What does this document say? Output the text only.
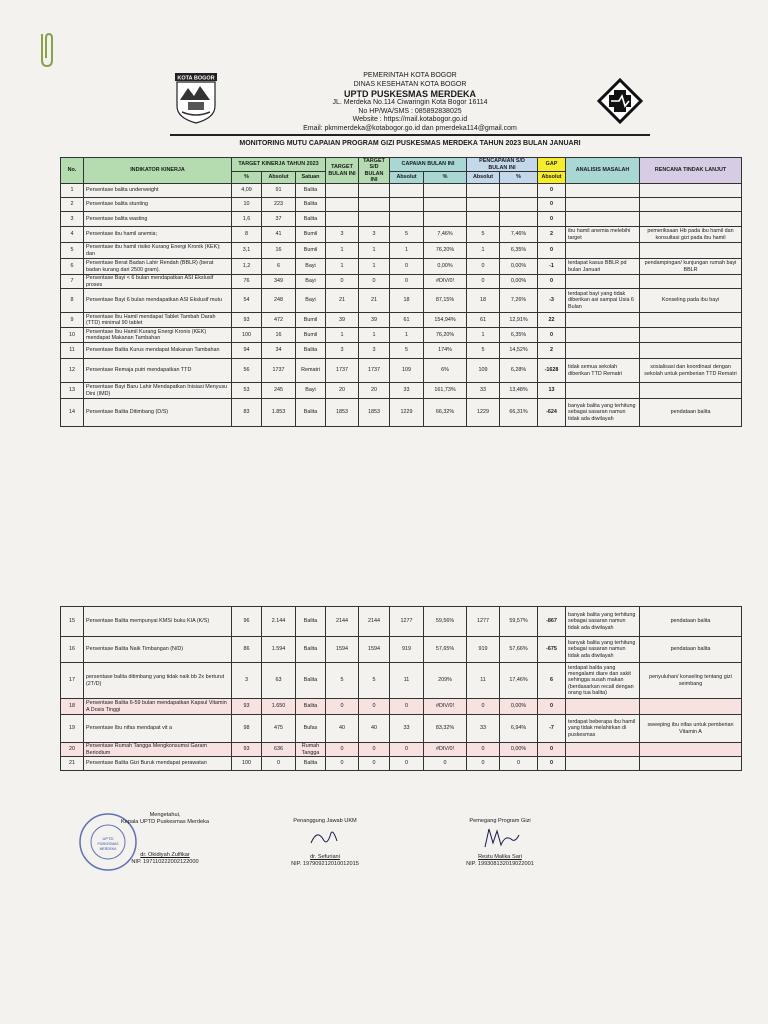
KOTA BOGOR	PEMERINTAH KOTA BOGOR
DINAS KESEHATAN KOTA BOGOR
UPTD PUSKESMAS MERDEKA
JL. Merdeka No.114 Ciwaringin Kota Bogor 16114
No HP/WA/SMS : 085892838025
Website : https://mail.kotabogor.go.id
Email: pkmmerdeka@kotabogor.go.id dan pmerdeka114@gmail.com
MONITORING MUTU CAPAIAN PROGRAM GIZI PUSKESMAS MERDEKA TAHUN 2023 BULAN JANUARI
No.	INDIKATOR KINERJA	TARGET KINERJA TAHUN 2023			TARGET BULAN INI	TARGET S/D BULAN INI	CAPAIAN BULAN INI		PENCAPAIAN S/D BULAN INI		GAP	ANALISIS MASALAH	RENCANA TINDAK LANJUT
		%	Absolut	Satuan			Absolut	%	Absolut	%	Absolut		
1	Persentase balita underweight	4,09	91	Balita							0		
2	Persentase balita stunting	10	223	Balita							0		
3	Persentase balita wasting	1,6	37	Balita							0		
4	Persentase ibu hamil anemia;	8	41	Bumil	3	3	5	7,46%	5	7,46%	2	ibu hamil anemia melebihi target	pemeriksaan Hb pada ibu hamil dan konsultasi gizi pada ibu hamil
5	Persentase ibu hamil risiko Kurang Energi Kronik (KEK); dan	3,1	16	Bumil	1	1	1	76,20%	1	6,35%	0		
6	Persentase Berat Badan Lahir Rendah (BBLR) (berat badan kurang dari 2500 gram).	1,2	6	Bayi	1	1	0	0,00%	0	0,00%	-1	terdapat kasus BBLR pd bulan Januari	pendampingan/ kunjungan rumah bayi BBLR
7	Persentase Bayi < 6 bulan mendapatkan ASI Ekslusif proses	76	349	Bayi	0	0	0	#DIV/0!	0	0,00%	0		
8	Persentase Bayi 6 bulan mendapatkan ASI Ekslusif mutu	54	248	Bayi	21	21	18	87,15%	18	7,26%	-3	terdapat bayi yang tidak diberikan asi sampai Usia 6 Bulan	Konseling pada ibu bayi
9	Persentase Ibu Hamil mendapat Tablet Tambah Darah (TTD) minimal 90 tablet	93	472	Bumil	39	39	61	154,94%	61	12,91%	22		
10	Persentase Ibu Hamil Kurang Energi Kronis (KEK) mendapat Makanan Tambahan	100	16	Bumil	1	1	1	76,20%	1	6,35%	0		
11	Persentase Balita Kurus mendapat Makanan Tambahan	94	34	Balita	3	3	5	174%	5	14,52%	2		
12	Persentase Remaja putri mendapatkan TTD	56	1737	Rematri	1737	1737	109	6%	109	6,28%	-1628	tidak semua sekolah diberikan TTD Rematri	sosialisasi dan koordinasi dengan sekolah untuk pemberian TTD Rematri
13	Persentase Bayi Baru Lahir Mendapatkan Inisiasi Menyusu Dini (IMD)	53	245	Bayi	20	20	33	161,73%	33	13,48%	13		
14	Persentase Balita Ditimbang (D/S)	83	1.853	Balita	1853	1853	1229	66,32%	1229	66,31%	-624	banyak balita yang terhitung sebagai sasaran namun tidak ada diwilayah	pendataan balita
15	Persentase Balita mempunyai KMS/ buku KIA (K/S)	96	2.144	Balita	2144	2144	1277	59,56%	1277	59,57%	-867	banyak balita yang terhitung sebagai sasaran namun tidak ada diwilayah	pendataan balita
16	Persentase Balita Naik Timbangan (N/D)	86	1.594	Balita	1594	1594	919	57,65%	919	57,66%	-675	banyak balita yang terhitung sebagai sasaran namun tidak ada diwilayah	pendataan balita
17	persentase balita ditimbang yang tidak naik bb 2x berturut (2T/D)	3	63	Balita	5	5	11	209%	11	17,46%	6	terdapat balita yang mengalami diare dan sakit sehingga susah makan (berdasarkan recall dengan orang tua balita)	penyuluhan/ konseling tentang gizi seimbang
18	Persentase Balita 6-59 bulan mendapatkan Kapsul Vitamin A Dosis Tinggi	93	1.650	Balita	0	0	0	#DIV/0!	0	0,00%	0		
19	Persentase Ibu nifas mendapat vit a	98	475	Bufas	40	40	33	83,32%	33	6,94%	-7	terdapat beberapa ibu hamil yang tidak melahirkan di puskesmas	sweeping ibu nifas untuk pemberian Vitamin A
20	Persentase Rumah Tangga Mengkonsumsi Garam Beriodium	93	636	Rumah Tangga	0	0	0	#DIV/0!	0	0,00%	0		
21	Persentase Balita Gizi Buruk mendapat perawatan	100	0	Balita	0	0	0	0	0	0	0		
UPTD
PUSKESMAS
MERDEKA
Mengetahui,
Kepala UPTD Puskesmas Merdeka
dr. Okidiyah Zulfikar
NIP. 197110222002122000
Penanggung Jawab UKM
dr. Sefuriani
NIP. 197909212010012015
Pemegang Program Gizi
Restu Malika Sari
NIP. 199308132019022001
